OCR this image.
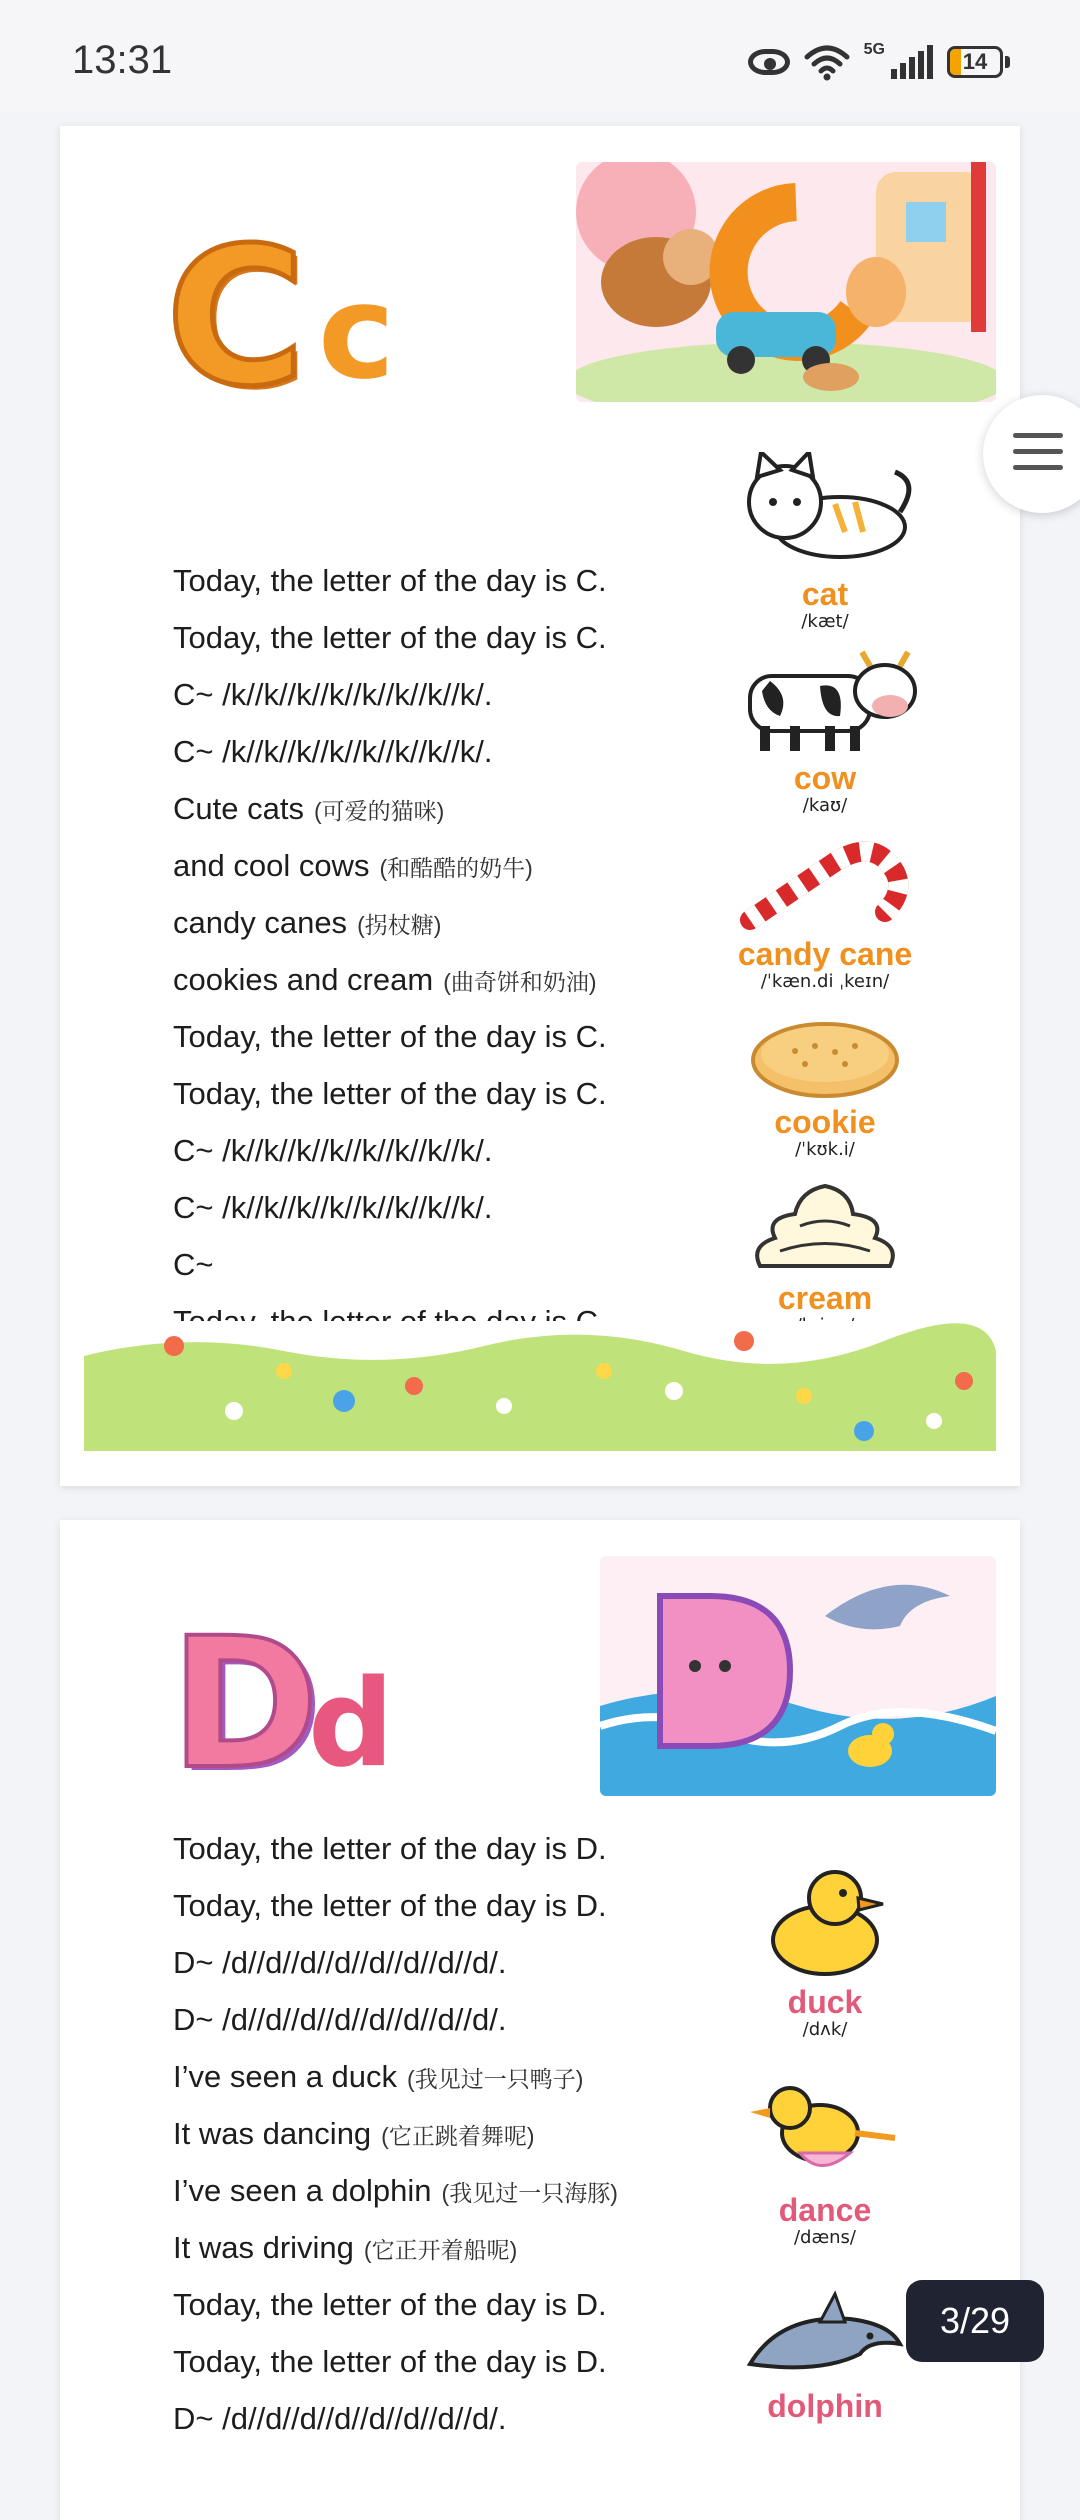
13:31	5G	14
C c
Today, the letter of the day is C.
Today, the letter of the day is C.
C~ /k//k//k//k//k//k//k//k/.
C~ /k//k//k//k//k//k//k//k/.
Cute cats (可爱的猫咪)
and cool cows (和酷酷的奶牛)
candy canes (拐杖糖)
cookies and cream (曲奇饼和奶油)
Today, the letter of the day is C.
Today, the letter of the day is C.
C~ /k//k//k//k//k//k//k//k/.
C~ /k//k//k//k//k//k//k//k/.
C~
cat
/kæt/
cow
/kaʊ/
candy cane
/ˈkæn.di ˌkeɪn/
cookie
/ˈkʊk.i/
cream
D
d
Today, the letter of the day is D.
Today, the letter of the day is D.
D~ /d//d//d//d//d//d//d//d/.
D~ /d//d//d//d//d//d//d//d/.
I’ve seen a duck (我见过一只鸭子)
It was dancing (它正跳着舞呢)
I’ve seen a dolphin (我见过一只海豚)
It was driving (它正开着船呢)
Today, the letter of the day is D.
Today, the letter of the day is D.
D~ /d//d//d//d//d//d//d//d/.
duck
/dʌk/
dance
/dæns/
dolphin
3/29
